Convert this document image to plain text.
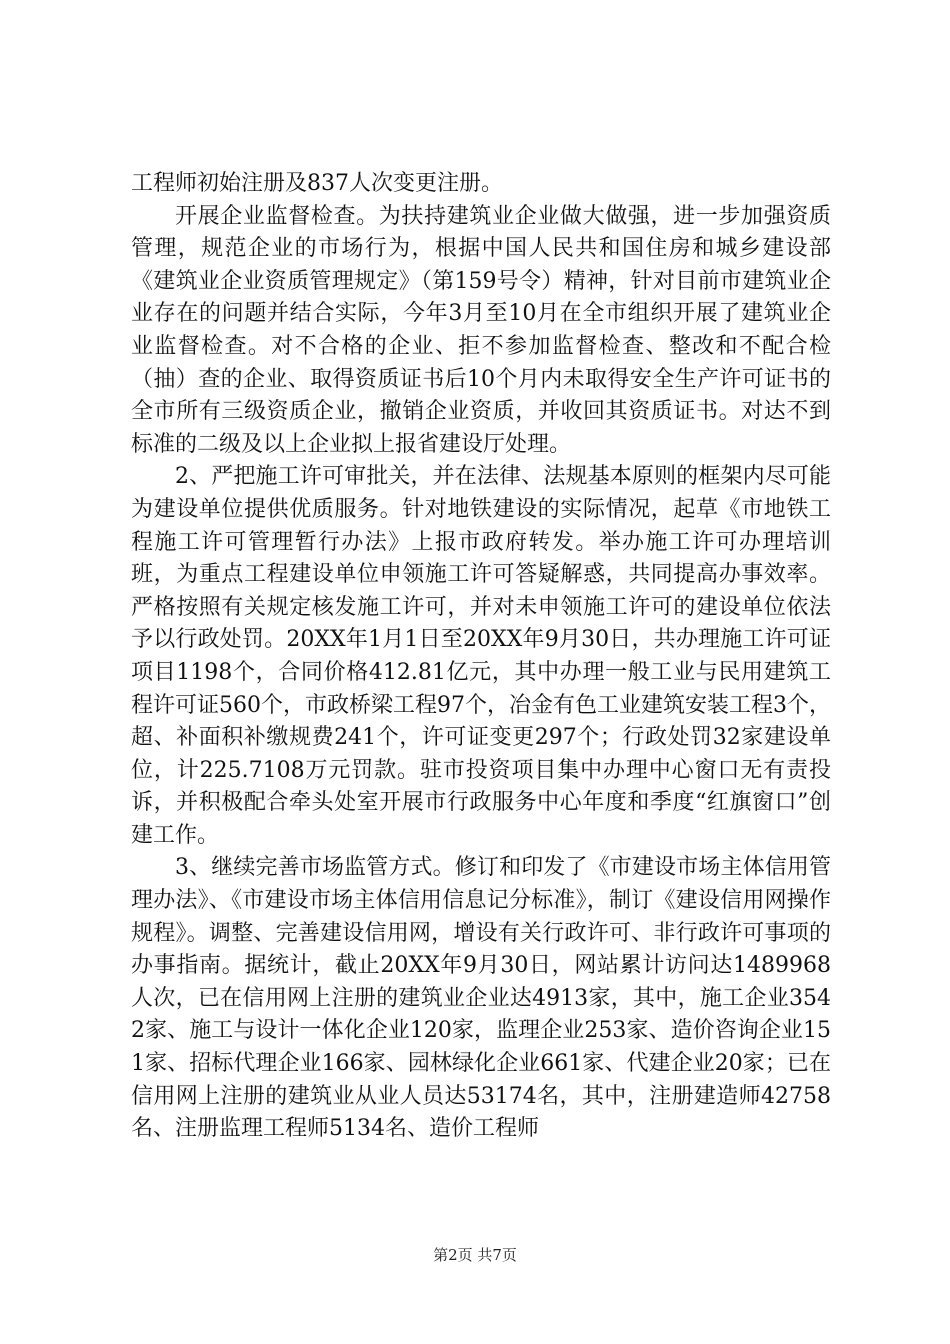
工程师初始注册及837人次变更注册。

开展企业监督检查。为扶持建筑业企业做大做强，进一步加强资质管理，规范企业的市场行为，根据中国人民共和国住房和城乡建设部《建筑业企业资质管理规定》（第159号令）精神，针对目前市建筑业企业存在的问题并结合实际，今年3月至10月在全市组织开展了建筑业企业监督检查。对不合格的企业、拒不参加监督检查、整改和不配合检（抽）查的企业、取得资质证书后10个月内未取得安全生产许可证书的全市所有三级资质企业，撤销企业资质，并收回其资质证书。对达不到标准的二级及以上企业拟上报省建设厅处理。

2、严把施工许可审批关，并在法律、法规基本原则的框架内尽可能为建设单位提供优质服务。针对地铁建设的实际情况，起草《市地铁工程施工许可管理暂行办法》上报市政府转发。举办施工许可办理培训班，为重点工程建设单位申领施工许可答疑解惑，共同提高办事效率。严格按照有关规定核发施工许可，并对未申领施工许可的建设单位依法予以行政处罚。20XX年1月1日至20XX年9月30日，共办理施工许可证项目1198个，合同价格412.81亿元，其中办理一般工业与民用建筑工程许可证560个，市政桥梁工程97个，冶金有色工业建筑安装工程3个，超、补面积补缴规费241个，许可证变更297个；行政处罚32家建设单位，计225.7108万元罚款。驻市投资项目集中办理中心窗口无有责投诉，并积极配合牵头处室开展市行政服务中心年度和季度“红旗窗口”创建工作。

3、继续完善市场监管方式。修订和印发了《市建设市场主体信用管理办法》、《市建设市场主体信用信息记分标准》，制订《建设信用网操作规程》。调整、完善建设信用网，增设有关行政许可、非行政许可事项的办事指南。据统计，截止20XX年9月30日，网站累计访问达1489968人次，已在信用网上注册的建筑业企业达4913家，其中，施工企业3542家、施工与设计一体化企业120家，监理企业253家、造价咨询企业151家、招标代理企业166家、园林绿化企业661家、代建企业20家；已在信用网上注册的建筑业从业人员达53174名，其中，注册建造师42758名、注册监理工程师5134名、造价工程师

第2页 共7页
